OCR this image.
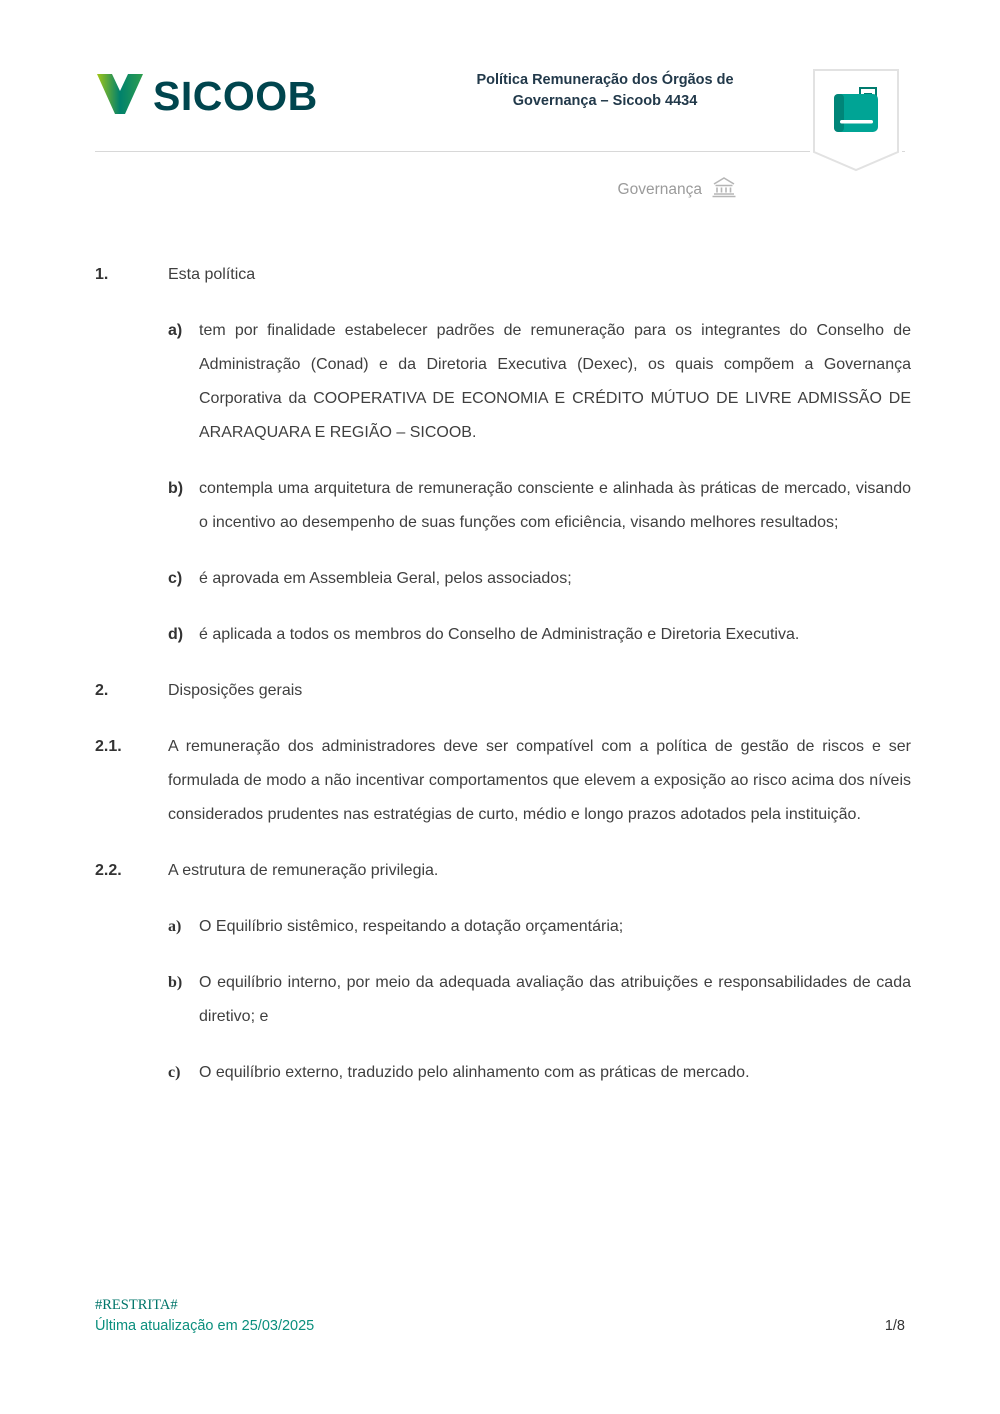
SICOOB	Política Remuneração dos Órgãos de
Governança – Sicoob 4434
Governança
1.	Esta política
a)	tem por finalidade estabelecer padrões de remuneração para os integrantes do Conselho de Administração (Conad) e da Diretoria Executiva (Dexec), os quais compõem a Governança Corporativa da COOPERATIVA DE ECONOMIA E CRÉDITO MÚTUO DE LIVRE ADMISSÃO DE ARARAQUARA E REGIÃO – SICOOB.

b) contempla uma arquitetura de remuneração consciente e alinhada às práticas de mercado, visando o incentivo ao desempenho de suas funções com eficiência, visando melhores resultados;

c)	é aprovada em Assembleia Geral, pelos associados;

d) é aplicada a todos os membros do Conselho de Administração e Diretoria Executiva.

2.	Disposições gerais
2.1.	A remuneração dos administradores deve ser compatível com a política de gestão de riscos e ser formulada de modo a não incentivar comportamentos que elevem a exposição ao risco acima dos níveis considerados prudentes nas estratégias de curto, médio e longo prazos adotados pela instituição.

2.2.	A estrutura de remuneração privilegia.

a)	O Equilíbrio sistêmico, respeitando a dotação orçamentária;

b)	O equilíbrio interno, por meio da adequada avaliação das atribuições e responsabilidades de cada diretivo; e

c)	O equilíbrio externo, traduzido pelo alinhamento com as práticas de mercado.

#RESTRITA#
Última atualização em 25/03/2025	1/8
